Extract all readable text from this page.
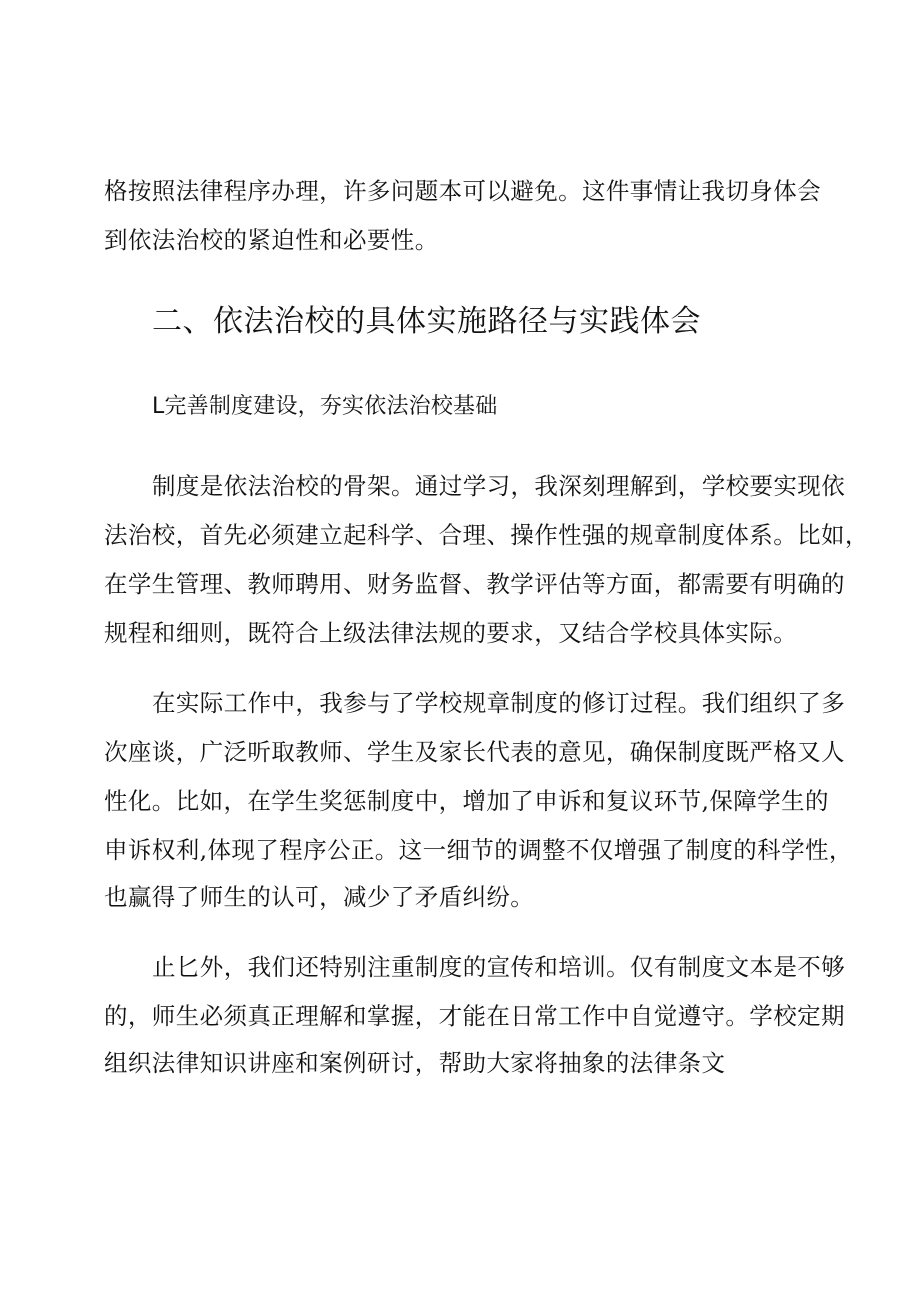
格按照法律程序办理，许多问题本可以避免。这件事情让我切身体会
到依法治校的紧迫性和必要性。
二、依法治校的具体实施路径与实践体会
L完善制度建设，夯实依法治校基础
制度是依法治校的骨架。通过学习，我深刻理解到，学校要实现依
法治校，首先必须建立起科学、合理、操作性强的规章制度体系。比如，
在学生管理、教师聘用、财务监督、教学评估等方面，都需要有明确的
规程和细则，既符合上级法律法规的要求，又结合学校具体实际。
在实际工作中，我参与了学校规章制度的修订过程。我们组织了多
次座谈，广泛听取教师、学生及家长代表的意见，确保制度既严格又人
性化。比如，在学生奖惩制度中，增加了申诉和复议环节,保障学生的
申诉权利,体现了程序公正。这一细节的调整不仅增强了制度的科学性，
也赢得了师生的认可，减少了矛盾纠纷。
止匕外，我们还特别注重制度的宣传和培训。仅有制度文本是不够
的，师生必须真正理解和掌握，才能在日常工作中自觉遵守。学校定期
组织法律知识讲座和案例研讨，帮助大家将抽象的法律条文
